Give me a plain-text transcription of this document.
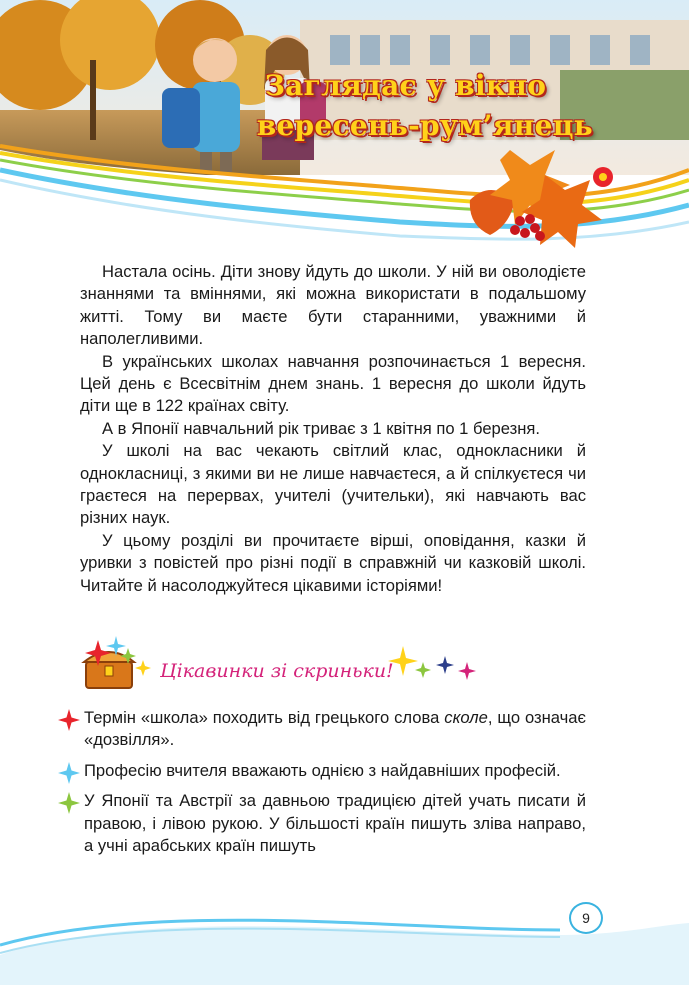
Заглядає у вікно
вересень-рум’янець

Настала осінь. Діти знову йдуть до школи. У ній ви оволодієте знаннями та вміннями, які можна використати в подальшому житті. Тому ви маєте бути старанними, уважними й наполегливими.

В українських школах навчання розпочинається 1 вересня. Цей день є Всесвітнім днем знань. 1 вересня до школи йдуть діти ще в 122 країнах світу.

А в Японії навчальний рік триває з 1 квітня по 1 березня.

У школі на вас чекають світлий клас, однокласники й однокласниці, з якими ви не лише навчаєтеся, а й спілкуєтеся чи граєтеся на перервах, учителі (учительки), які навчають вас різних наук.

У цьому розділі ви прочитаєте вірші, оповідання, казки й уривки з повістей про різні події в справжній чи казковій школі. Читайте й насолоджуйтеся цікавими історіями!

Цікавинки зі скриньки!
Термін «школа» походить від грецького слова сколе, що означає «дозвілля».
Професію вчителя вважають однією з найдавніших професій.
У Японії та Австрії за давньою традицією дітей учать писати й правою, і лівою рукою. У більшості країн пишуть зліва направо, а учні арабських країн пишуть
9
